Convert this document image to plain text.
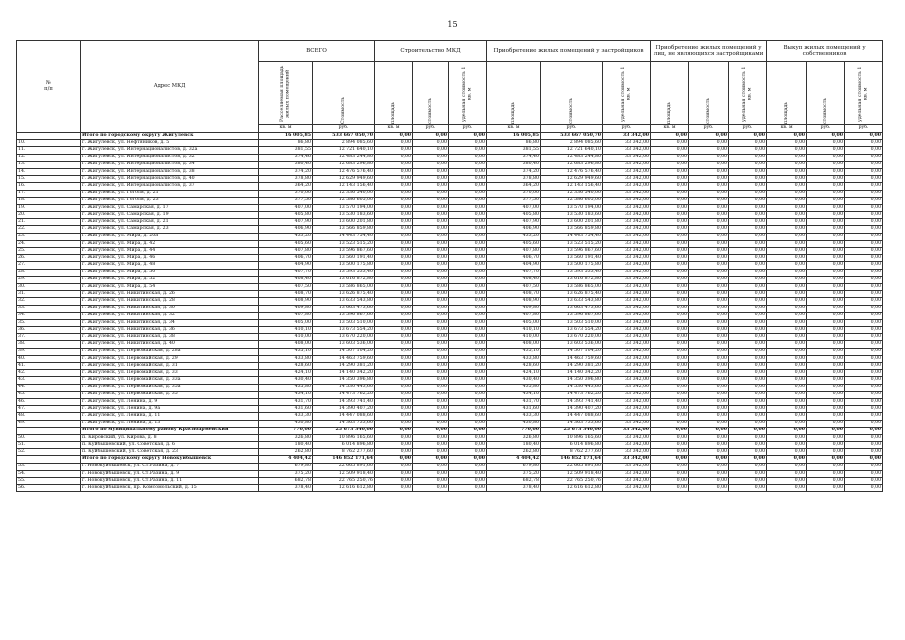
15
№
п/п	Адрес МКД	ВСЕГО		Строительство МКД			Приобретение жилых помещений у застройщиков			Приобретение жилых помещений у лиц, не являющихся застройщиками			Выкуп жилых помещений у собственников		

		Расселяемая площадь жилых помещений	Стоимость	площадь	стоимость	удельная стоимость 1 кв. м	площадь	стоимость	удельная стоимость 1 кв. м	площадь	стоимость	удельная стоимость 1 кв. м	площадь	стоимость	удельная стоимость 1 кв. м

		кв. м	руб.	кв. м	руб.	руб.	кв. м	руб.	руб.	кв. м	руб.	руб.	кв. м	руб.	руб.
	Итого по городскому округу Жигулевск	16 005,85	533 667 050,70	0,00	0,00	0,00	16 005,85	533 667 050,70	33 342,00	0,00	0,00	0,00	0,00	0,00	0,00
10.	г. Жигулевск, ул. Нефтяников, д. 5	86,80	2 894 085,60	0,00	0,00	0,00	86,80	2 894 085,60	33 342,00	0,00	0,00	0,00	0,00	0,00	0,00
11.	г. Жигулевск, ул. Интернационалистов, д. 32а	381,55	12 721 640,10	0,00	0,00	0,00	381,55	12 721 640,10	33 342,00	0,00	0,00	0,00	0,00	0,00	0,00
12.	г. Жигулевск, ул. Интернационалистов, д. 32	374,46	12 483 244,80	0,00	0,00	0,00	374,40	12 483 244,80	33 342,00	0,00	0,00	0,00	0,00	0,00	0,00
13.	г. Жигулевск, ул. Интернационалистов, д. 34	380,40	12 683 296,80	0,00	0,00	0,00	380,40	12 683 296,80	33 342,00	0,00	0,00	0,00	0,00	0,00	0,00
14.	г. Жигулевск, ул. Интернационалистов, д. 38	374,20	12 476 576,40	0,00	0,00	0,00	374,20	12 476 576,40	33 342,00	0,00	0,00	0,00	0,00	0,00	0,00
15.	г. Жигулевск, ул. Интернационалистов, д. 40	378,80	12 629 949,60	0,00	0,00	0,00	378,80	12 629 949,60	33 342,00	0,00	0,00	0,00	0,00	0,00	0,00
16.	г. Жигулевск, ул. Интернационалистов, д. 37	364,20	12 143 156,40	0,00	0,00	0,00	364,20	12 143 156,40	33 342,00	0,00	0,00	0,00	0,00	0,00	0,00
17.	г. Жигулевск, ул. Гоголя, д. 21	370,00	12 336 540,00	0,00	0,00	0,00	370,00	12 336 540,00	33 342,00	0,00	0,00	0,00	0,00	0,00	0,00
18.	г. Жигулевск, ул. Гоголя, д. 23	377,50	12 586 605,00	0,00	0,00	0,00	377,50	12 586 605,00	33 342,00	0,00	0,00	0,00	0,00	0,00	0,00
19.	г. Жигулевск, ул. Самарская, д. 17	407,00	13 570 194,00	0,00	0,00	0,00	407,00	13 570 194,00	33 342,00	0,00	0,00	0,00	0,00	0,00	0,00
20.	г. Жигулевск, ул. Самарская, д. 19	405,80	13 530 183,60	0,00	0,00	0,00	405,80	13 530 183,60	33 342,00	0,00	0,00	0,00	0,00	0,00	0,00
21.	г. Жигулевск, ул. Самарская, д. 21	407,90	13 600 201,80	0,00	0,00	0,00	407,90	13 600 201,80	33 342,00	0,00	0,00	0,00	0,00	0,00	0,00
22.	г. Жигулевск, ул. Самарская, д. 23	406,90	13 566 859,80	0,00	0,00	0,00	406,90	13 566 859,80	33 342,00	0,00	0,00	0,00	0,00	0,00	0,00
23.	г. Жигулевск, ул. Мира, д. 20а	433,20	14 443 754,40	0,00	0,00	0,00	433,20	14 443 754,40	33 342,00	0,00	0,00	0,00	0,00	0,00	0,00
24.	г. Жигулевск, ул. Мира, д. 42	405,60	13 523 515,20	0,00	0,00	0,00	405,60	13 523 515,20	33 342,00	0,00	0,00	0,00	0,00	0,00	0,00
25.	г. Жигулевск, ул. Мира, д. 44	407,80	13 596 867,60	0,00	0,00	0,00	407,80	13 596 867,60	33 342,00	0,00	0,00	0,00	0,00	0,00	0,00
26.	г. Жигулевск, ул. Мира, д. 46	406,70	13 560 191,40	0,00	0,00	0,00	406,70	13 560 191,40	33 342,00	0,00	0,00	0,00	0,00	0,00	0,00
27.	г. Жигулевск, ул. Мира, д. 48	404,90	13 500 175,80	0,00	0,00	0,00	404,90	13 500 175,80	33 342,00	0,00	0,00	0,00	0,00	0,00	0,00
28.	г. Жигулевск, ул. Мира, д. 50	407,70	13 593 533,40	0,00	0,00	0,00	407,70	13 593 533,40	33 342,00	0,00	0,00	0,00	0,00	0,00	0,00
29.	г. Жигулевск, ул. Мира, д. 52	408,40	13 616 872,80	0,00	0,00	0,00	408,40	13 616 872,80	33 342,00	0,00	0,00	0,00	0,00	0,00	0,00
30.	г. Жигулевск, ул. Мира, д. 54	407,50	13 586 865,00	0,00	0,00	0,00	407,50	13 586 865,00	33 342,00	0,00	0,00	0,00	0,00	0,00	0,00
31.	г. Жигулевск, ул. Никитинская, д. 26	408,70	13 626 875,40	0,00	0,00	0,00	408,70	13 626 875,40	33 342,00	0,00	0,00	0,00	0,00	0,00	0,00
32.	г. Жигулевск, ул. Никитинская, д. 28	408,90	13 633 543,80	0,00	0,00	0,00	408,90	13 633 543,80	33 342,00	0,00	0,00	0,00	0,00	0,00	0,00
33.	г. Жигулевск, ул. Никитинская, д. 30	409,80	13 663 473,60	0,00	0,00	0,00	409,80	13 663 473,60	33 342,00	0,00	0,00	0,00	0,00	0,00	0,00
34.	г. Жигулевск, ул. Никитинская, д. 32	407,80	13 596 867,60	0,00	0,00	0,00	407,80	13 596 867,60	33 342,00	0,00	0,00	0,00	0,00	0,00	0,00
35.	г. Жигулевск, ул. Никитинская, д. 34	405,00	13 503 510,00	0,00	0,00	0,00	405,00	13 503 510,00	33 342,00	0,00	0,00	0,00	0,00	0,00	0,00
36.	г. Жигулевск, ул. Никитинская, д. 36	410,10	13 673 554,20	0,00	0,00	0,00	410,10	13 673 554,20	33 342,00	0,00	0,00	0,00	0,00	0,00	0,00
37.	г. Жигулевск, ул. Никитинская, д. 38	410,00	13 670 220,00	0,00	0,00	0,00	410,00	13 670 220,00	33 342,00	0,00	0,00	0,00	0,00	0,00	0,00
38.	г. Жигулевск, ул. Никитинская, д. 40	408,00	13 603 536,00	0,00	0,00	0,00	408,00	13 603 536,00	33 342,00	0,00	0,00	0,00	0,00	0,00	0,00
39.	г. Жигулевск, ул. Первомайская, д. 28а	435,10	14 507 104,20	0,00	0,00	0,00	435,10	14 507 104,20	33 342,00	0,00	0,00	0,00	0,00	0,00	0,00
40.	г. Жигулевск, ул. Первомайская, д. 29	433,80	14 463 759,60	0,00	0,00	0,00	433,80	14 463 759,60	33 342,00	0,00	0,00	0,00	0,00	0,00	0,00
41.	г. Жигулевск, ул. Первомайская, д. 31	428,60	14 290 381,20	0,00	0,00	0,00	428,60	14 290 381,20	33 342,00	0,00	0,00	0,00	0,00	0,00	0,00
42.	г. Жигулевск, ул. Первомайская, д. 33	424,10	14 140 342,20	0,00	0,00	0,00	424,10	14 140 342,20	33 342,00	0,00	0,00	0,00	0,00	0,00	0,00
43.	г. Жигулевск, ул. Первомайская, д. 33а	430,40	14 350 396,80	0,00	0,00	0,00	430,40	14 350 396,80	33 342,00	0,00	0,00	0,00	0,00	0,00	0,00
44.	г. Жигулевск, ул. Первомайская, д. 35а	435,80	14 530 443,60	0,00	0,00	0,00	435,80	14 530 443,60	33 342,00	0,00	0,00	0,00	0,00	0,00	0,00
45.	г. Жигулевск, ул. Первомайская, д. 35	434,10	14 473 762,20	0,00	0,00	0,00	434,10	14 473 762,20	33 342,00	0,00	0,00	0,00	0,00	0,00	0,00
46.	г. Жигулевск, ул. Ленина, д. 9	431,70	14 393 741,40	0,00	0,00	0,00	431,70	14 393 741,40	33 342,00	0,00	0,00	0,00	0,00	0,00	0,00
47.	г. Жигулевск, ул. Ленина, д. 9а	431,60	14 390 407,20	0,00	0,00	0,00	431,60	14 390 407,20	33 342,00	0,00	0,00	0,00	0,00	0,00	0,00
48.	г. Жигулевск, ул. Ленина, д. 11	433,30	14 447 088,60	0,00	0,00	0,00	433,30	14 447 088,60	33 342,00	0,00	0,00	0,00	0,00	0,00	0,00
49.	г. Жигулевск, ул. Ленина, д. 13	430,80	14 363 733,60	0,00	0,00	0,00	430,80	14 363 733,60	33 342,00	0,00	0,00	0,00	0,00	0,00	0,00
	Итого по муниципальному району Красноармейский	770,00	25 673 340,00	0,00	0,00	0,00	770,00	25 673 340,00	33 342,00	0,00	0,00	0,00	0,00	0,00	0,00
50.	п. Кировский, ул. Кирова, д. 8	326,80	10 896 165,60	0,00	0,00	0,00	326,80	10 896 165,60	33 342,00	0,00	0,00	0,00	0,00	0,00	0,00
51.	п. Куйбышевский, ул. Советская, д. 6	180,40	6 014 896,80	0,00	0,00	0,00	180,40	6 014 896,80	33 342,00	0,00	0,00	0,00	0,00	0,00	0,00
52.	п. Куйбышевский, ул. Советская, д. 23	262,80	8 762 277,60	0,00	0,00	0,00	262,80	8 762 277,60	33 342,00	0,00	0,00	0,00	0,00	0,00	0,00
	Итого по городскому округу Новокуйбышевск	4 404,42	146 852 171,64	0,00	0,00	0,00	4 404,42	146 852 171,64	33 342,00	0,00	0,00	0,00	0,00	0,00	0,00
53.	г. Новокуйбышевск, ул. Ст.Разина, д. 7	679,80	22 665 891,60	0,00	0,00	0,00	679,80	22 665 891,60	33 342,00	0,00	0,00	0,00	0,00	0,00	0,00
54.	г. Новокуйбышевск, ул. Ст.Разина, д. 9	375,20	12 509 918,40	0,00	0,00	0,00	375,20	12 509 918,40	33 342,00	0,00	0,00	0,00	0,00	0,00	0,00
55.	г. Новокуйбышевск, ул. Ст.Разина, д. 11	682,78	22 765 250,76	0,00	0,00	0,00	682,78	22 765 250,76	33 342,00	0,00	0,00	0,00	0,00	0,00	0,00
56.	г. Новокуйбышевск, пр. Комсомольский, д. 15	378,40	12 616 612,80	0,00	0,00	0,00	378,40	12 616 612,80	33 342,00	0,00	0,00	0,00	0,00	0,00	0,00
